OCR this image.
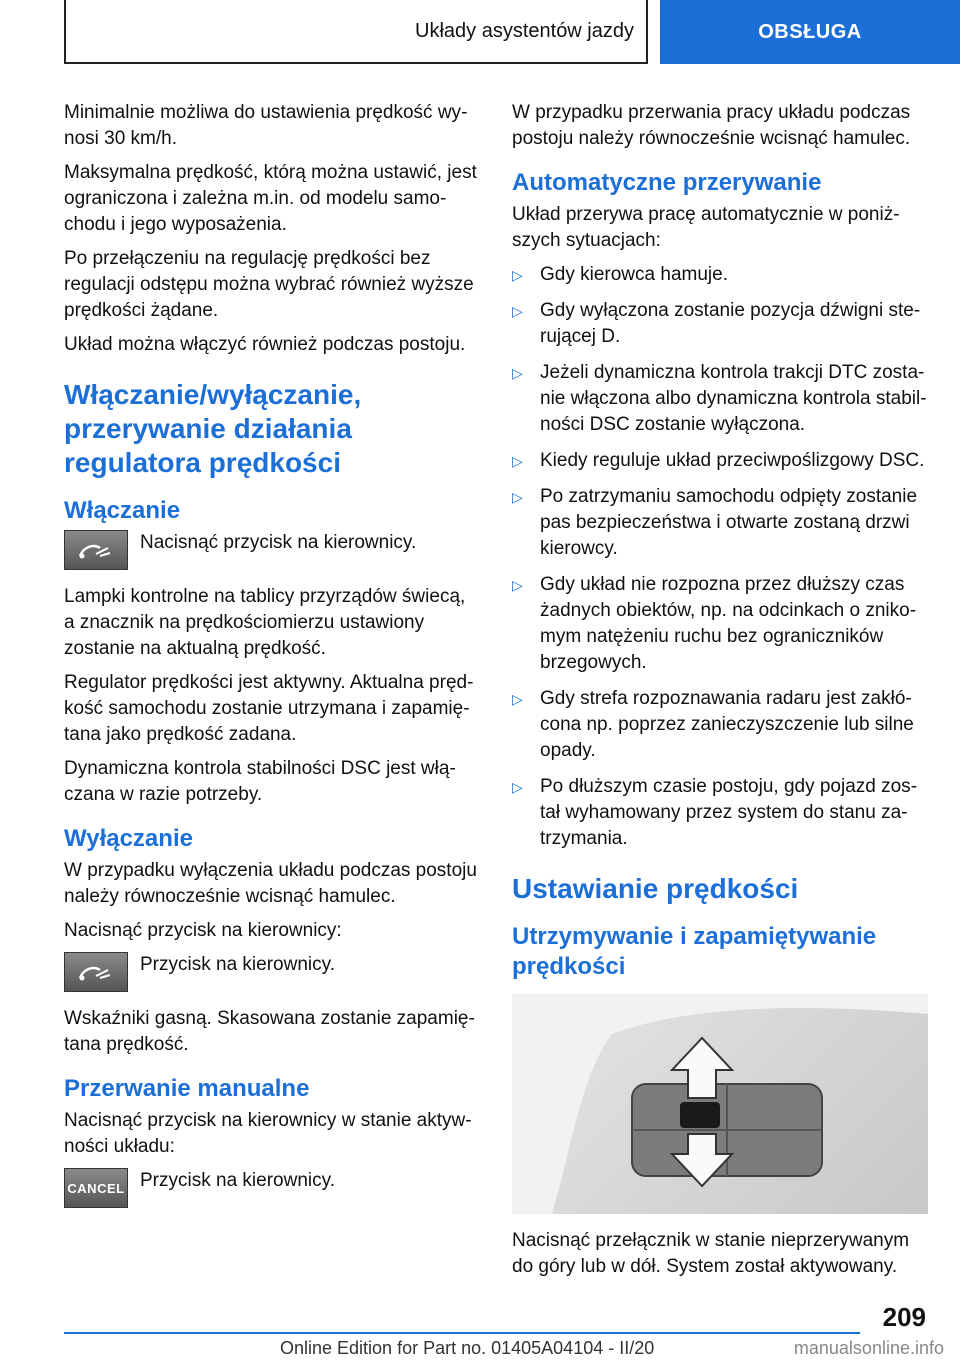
Układy asystentów jazdy	OBSŁUGA

Minimalnie możliwa do ustawienia prędkość wynosi 30 km/h.

Maksymalna prędkość, którą można ustawić, jest ograniczona i zależna m.in. od modelu samochodu i jego wyposażenia.

Po przełączeniu na regulację prędkości bez regulacji odstępu można wybrać również wyższe prędkości żądane.

Układ można włączyć również podczas postoju.

Włączanie/wyłączanie, przerywanie działania regulatora prędkości
Włączanie

Nacisnąć przycisk na kierownicy.

Lampki kontrolne na tablicy przyrządów świecą, a znacznik na prędkościomierzu ustawiony zostanie na aktualną prędkość.

Regulator prędkości jest aktywny. Aktualna prędkość samochodu zostanie utrzymana i zapamiętana jako prędkość zadana.

Dynamiczna kontrola stabilności DSC jest włączana w razie potrzeby.

Wyłączanie

W przypadku wyłączenia układu podczas postoju należy równocześnie wcisnąć hamulec.

Nacisnąć przycisk na kierownicy:

Przycisk na kierownicy.

Wskaźniki gasną. Skasowana zostanie zapamiętana prędkość.

Przerwanie manualne

Nacisnąć przycisk na kierownicy w stanie aktywności układu:

CANCEL Przycisk na kierownicy.

W przypadku przerwania pracy układu podczas postoju należy równocześnie wcisnąć hamulec.

Automatyczne przerywanie

Układ przerywa pracę automatycznie w poniższych sytuacjach:

▷ Gdy kierowca hamuje.
▷ Gdy wyłączona zostanie pozycja dźwigni sterującej D.
▷ Jeżeli dynamiczna kontrola trakcji DTC zostanie włączona albo dynamiczna kontrola stabilności DSC zostanie wyłączona.
▷ Kiedy reguluje układ przeciwpoślizgowy DSC.
▷ Po zatrzymaniu samochodu odpięty zostanie pas bezpieczeństwa i otwarte zostaną drzwi kierowcy.
▷ Gdy układ nie rozpozna przez dłuższy czas żadnych obiektów, np. na odcinkach o znikomym natężeniu ruchu bez ograniczników brzegowych.
▷ Gdy strefa rozpoznawania radaru jest zakłócona np. poprzez zanieczyszczenie lub silne opady.
▷ Po dłuższym czasie postoju, gdy pojazd został wyhamowany przez system do stanu zatrzymania.
Ustawianie prędkości
Utrzymywanie i zapamiętywanie prędkości

Nacisnąć przełącznik w stanie nieprzerywanym do góry lub w dół. System został aktywowany.

209
Online Edition for Part no. 01405A04104 - II/20	manualsonline.info
